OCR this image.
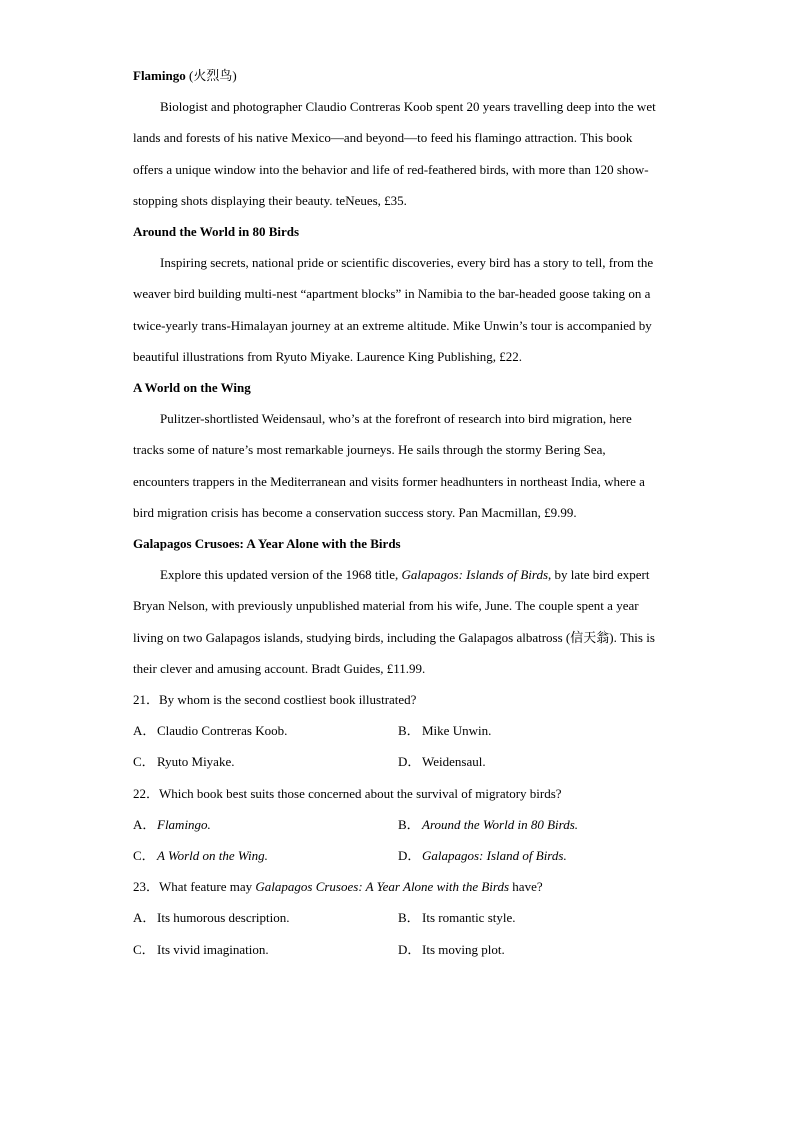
Flamingo (火烈鸟)

Biologist and photographer Claudio Contreras Koob spent 20 years travelling deep into the wet lands and forests of his native Mexico—and beyond—to feed his flamingo attraction. This book offers a unique window into the behavior and life of red-feathered birds, with more than 120 show-stopping shots displaying their beauty. teNeues, £35.

Around the World in 80 Birds

Inspiring secrets, national pride or scientific discoveries, every bird has a story to tell, from the weaver bird building multi-nest “apartment blocks” in Namibia to the bar-headed goose taking on a twice-yearly trans-Himalayan journey at an extreme altitude. Mike Unwin’s tour is accompanied by beautiful illustrations from Ryuto Miyake. Laurence King Publishing, £22.

A World on the Wing

Pulitzer-shortlisted Weidensaul, who’s at the forefront of research into bird migration, here tracks some of nature’s most remarkable journeys. He sails through the stormy Bering Sea, encounters trappers in the Mediterranean and visits former headhunters in northeast India, where a bird migration crisis has become a conservation success story. Pan Macmillan, £9.99.

Galapagos Crusoes: A Year Alone with the Birds

Explore this updated version of the 1968 title, Galapagos: Islands of Birds, by late bird expert Bryan Nelson, with previously unpublished material from his wife, June. The couple spent a year living on two Galapagos islands, studying birds, including the Galapagos albatross (信天翁). This is their clever and amusing account. Bradt Guides, £11.99.

21．By whom is the second costliest book illustrated?

A． Claudio Contreras Koob.	B． Mike Unwin.
C． Ryuto Miyake.	D． Weidensaul.

22．Which book best suits those concerned about the survival of migratory birds?

A． Flamingo.	B． Around the World in 80 Birds.
C． A World on the Wing.	D． Galapagos: Island of Birds.

23．What feature may Galapagos Crusoes: A Year Alone with the Birds have?

A． Its humorous description.	B． Its romantic style.
C． Its vivid imagination.	D． Its moving plot.
